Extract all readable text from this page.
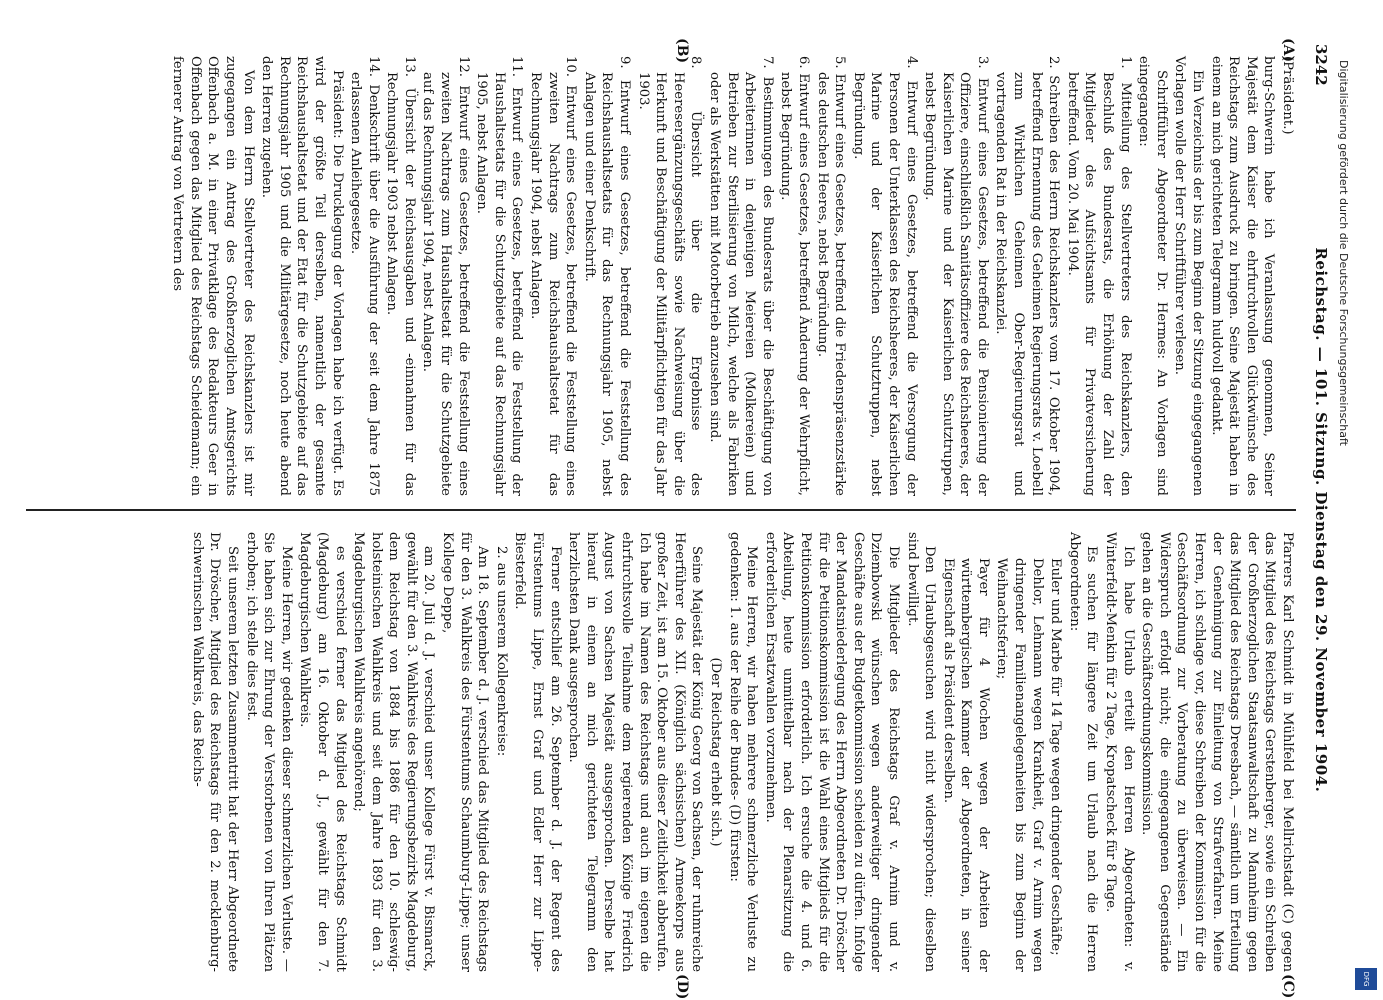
3242
Reichstag. — 101. Sitzung. Dienstag den 29. November 1904.

(Präsident.)

burg-Schwerin habe ich Veranlassung genommen, Seiner Majestät dem Kaiser die ehrfurchtvollen Glückwünsche des Reichstags zum Ausdruck zu bringen. Seine Majestät haben in einem an mich gerichteten Telegramm huldvoll gedankt.

Ein Verzeichnis der bis zum Beginn der Sitzung eingegangenen Vorlagen wolle der Herr Schriftführer verlesen.

Schriftführer Abgeordneter Dr. Hermes: An Vorlagen sind eingegangen:

1. Mitteilung des Stellvertreters des Reichskanzlers, den Beschluß des Bundesrats, die Erhöhung der Zahl der Mitglieder des Aufsichtsamts für Privatversicherung betreffend. Vom 20. Mai 1904.

2. Schreiben des Herrn Reichskanzlers vom 17. Oktober 1904, betreffend Ernennung des Geheimen Regierungsrats v. Loebell zum Wirklichen Geheimen Ober-Regierungsrat und vortragenden Rat in der Reichskanzlei.

3. Entwurf eines Gesetzes, betreffend die Pensionierung der Offiziere, einschließlich Sanitätsoffiziere des Reichsheeres, der Kaiserlichen Marine und der Kaiserlichen Schutztruppen, nebst Begründung.

4. Entwurf eines Gesetzes, betreffend die Versorgung der Personen der Unterklassen des Reichsheeres, der Kaiserlichen Marine und der Kaiserlichen Schutztruppen, nebst Begründung.

5. Entwurf eines Gesetzes, betreffend die Friedenspräsenzstärke des deutschen Heeres, nebst Begründung.

6. Entwurf eines Gesetzes, betreffend Änderung der Wehrpflicht, nebst Begründung.

7. Bestimmungen des Bundesrats über die Beschäftigung von Arbeiterinnen in denjenigen Meiereien (Molkereien) und Betrieben zur Sterilisierung von Milch, welche als Fabriken oder als Werkstätten mit Motorbetrieb anzusehen sind.

8. Übersicht über die Ergebnisse des Heeresergänzungsgeschäfts sowie Nachweisung über die Herkunft und Beschäftigung der Militärpflichtigen für das Jahr 1903.

9. Entwurf eines Gesetzes, betreffend die Feststellung des Reichshaushaltsetats für das Rechnungsjahr 1905, nebst Anlagen und einer Denkschrift.

10. Entwurf eines Gesetzes, betreffend die Feststellung eines zweiten Nachtrags zum Reichshaushaltsetat für das Rechnungsjahr 1904, nebst Anlagen.

11. Entwurf eines Gesetzes, betreffend die Feststellung der Haushaltsetats für die Schutzgebiete auf das Rechnungsjahr 1905, nebst Anlagen.

12. Entwurf eines Gesetzes, betreffend die Feststellung eines zweiten Nachtrags zum Haushaltsetat für die Schutzgebiete auf das Rechnungsjahr 1904, nebst Anlagen.

13. Übersicht der Reichsausgaben und -einnahmen für das Rechnungsjahr 1903 nebst Anlagen.

14. Denkschrift über die Ausführung der seit dem Jahre 1875 erlassenen Anleihegesetze.

Präsident: Die Drucklegung der Vorlagen habe ich verfügt. Es wird der größte Teil derselben, namentlich der gesamte Reichshaushaltsetat und der Etat für die Schutzgebiete auf das Rechnungsjahr 1905 und die Militärgesetze, noch heute abend den Herren zugehen.

Von dem Herrn Stellvertreter des Reichskanzlers ist mir zugegangen ein Antrag des Großherzoglichen Amtsgerichts Offenbach a. M. in einer Privatklage des Redakteurs Geer in Offenbach gegen das Mitglied des Reichstags Scheidemann; ein fernerer Antrag von Vertretern des

Pfarrers Karl Schmidt in Mühlfeld bei Mellrichstadt (C) gegen das Mitglied des Reichstags Gerstenberger, sowie ein Schreiben der Großherzoglichen Staatsanwaltschaft zu Mannheim gegen das Mitglied des Reichstags Dreesbach, — sämtlich um Erteilung der Genehmigung zur Einleitung von Strafverfahren. Meine Herren, ich schlage vor, diese Schreiben der Kommission für die Geschäftsordnung zur Vorberatung zu überweisen. — Ein Widerspruch erfolgt nicht; die eingegangenen Gegenstände gehen an die Geschäftsordnungskommission.

Ich habe Urlaub erteilt den Herren Abgeordneten: v. Winterfeldt-Menkin für 2 Tage, Kropatscheck für 8 Tage.

Es suchen für längere Zeit um Urlaub nach die Herren Abgeordneten:

Euler und Marbe für 14 Tage wegen dringender Geschäfte;

Dehlor, Lehmann wegen Krankheit, Graf v. Arnim wegen dringender Familienangelegenheiten bis zum Beginn der Weihnachtsferien;

Payer für 4 Wochen wegen der Arbeiten der württembergischen Kammer der Abgeordneten, in seiner Eigenschaft als Präsident derselben.

Den Urlaubsgesuchen wird nicht widersprochen; dieselben sind bewilligt.

Die Mitglieder des Reichstags Graf v. Arnim und v. Dziembowski wünschen wegen anderweitiger dringender Geschäfte aus der Budgetkommission scheiden zu dürfen. Infolge der Mandatsniederlegung des Herrn Abgeordneten Dr. Dröscher für die Petitionskommission ist die Wahl eines Mitglieds für die Petitionskommission erforderlich. Ich ersuche die 4. und 6. Abteilung, heute unmittelbar nach der Plenarsitzung die erforderlichen Ersatzwahlen vorzunehmen.

Meine Herren, wir haben mehrere schmerzliche Verluste zu gedenken: 1. aus der Reihe der Bundes- (D) fürsten:

(Der Reichstag erhebt sich.)

Seine Majestät der König Georg von Sachsen, der ruhmreiche Heerführer des XII. (Königlich sächsischen) Armeekorps aus großer Zeit, ist am 15. Oktober aus dieser Zeitlichkeit abberufen. Ich habe im Namen des Reichstags und auch im eigenen die ehrfurchtsvolle Teilnahme dem regierenden Könige Friedrich August von Sachsen Majestät ausgesprochen. Derselbe hat hierauf in einem an mich gerichteten Telegramm den herzlichsten Dank ausgesprochen.

Ferner entschlief am 26. September d. J. der Regent des Fürstentums Lippe, Ernst Graf und Edler Herr zur Lippe-Biesterfeld.

2. aus unserem Kollegenkreise:

Am 18. September d. J. verschied das Mitglied des Reichstags für den 3. Wahlkreis des Fürstentums Schaumburg-Lippe; unser Kollege Deppe,

am 20. Juli d. J. verschied unser Kollege Fürst v. Bismarck, gewählt für den 3. Wahlkreis des Regierungsbezirks Magdeburg, dem Reichstag von 1884 bis 1886 für den 10. schleswig-holsteinischen Wahlkreis und seit dem Jahre 1893 für den 3. Magdeburgischen Wahlkreis angehörend;

es verschied ferner das Mitglied des Reichstags Schmidt (Magdeburg) am 16. Oktober d. J., gewählt für den 7. Magdeburgischen Wahlkreis.

Meine Herren, wir gedenken dieser schmerzlichen Verluste. — Sie haben sich zur Ehrung der Verstorbenen von Ihren Plätzen erhoben; ich stelle dies fest.

Seit unserem letzten Zusammentritt hat der Herr Abgeordnete Dr. Dröscher, Mitglied des Reichstags für den 2. mecklenburg-schwerinschen Wahlkreis, das Reichs-

(A)
(B)
(C)
(D)
Digitalisierung gefördert durch die Deutsche Forschungsgemeinschaft
DFG
